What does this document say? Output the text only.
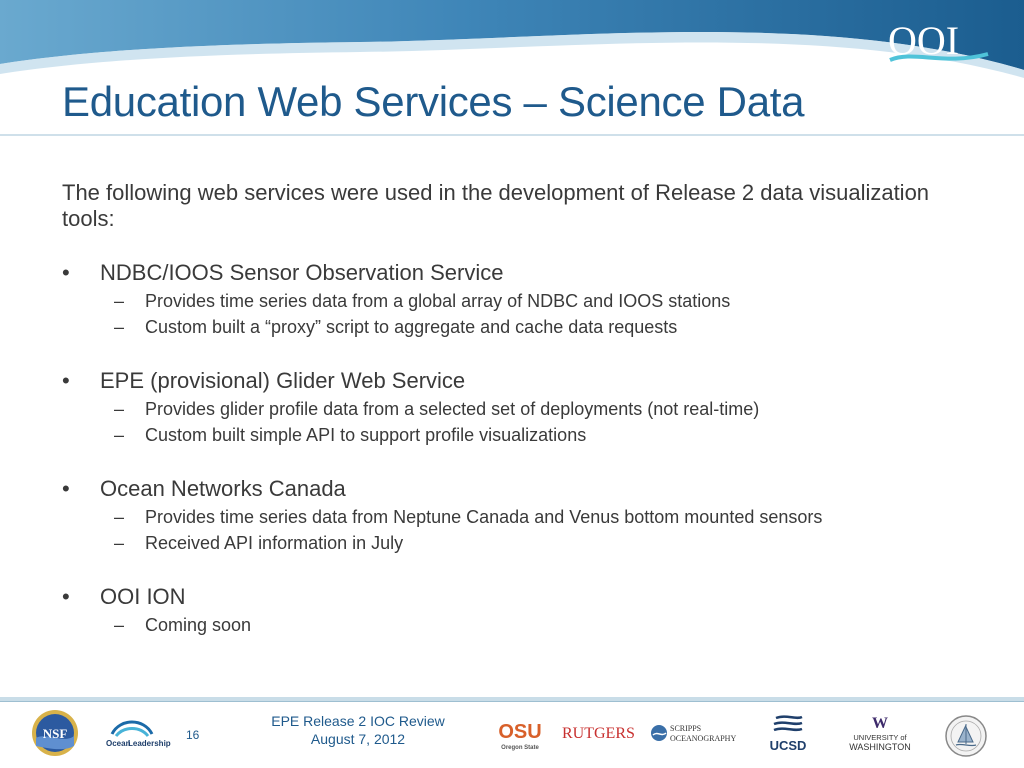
OOI
Education Web Services – Science Data

The following web services were used in the development of Release 2 data visualization tools:

• NDBC/IOOS Sensor Observation Service
– Provides time series data from a global array of NDBC and IOOS stations
– Custom built a “proxy” script to aggregate and cache data requests
• EPE (provisional) Glider Web Service
– Provides glider profile data from a selected set of deployments (not real-time)
– Custom built simple API to support profile visualizations
• Ocean Networks Canada
– Provides time series data from Neptune Canada and Venus bottom mounted sensors
– Received API information in July
• OOI ION
– Coming soon
NSF
Ocean
Leadership
16
EPE Release 2 IOC Review
August 7, 2012	OSU
Oregon State
RUTGERS	SCRIPPS
OCEANOGRAPHY	UCSD
W
UNIVERSITY of
WASHINGTON
